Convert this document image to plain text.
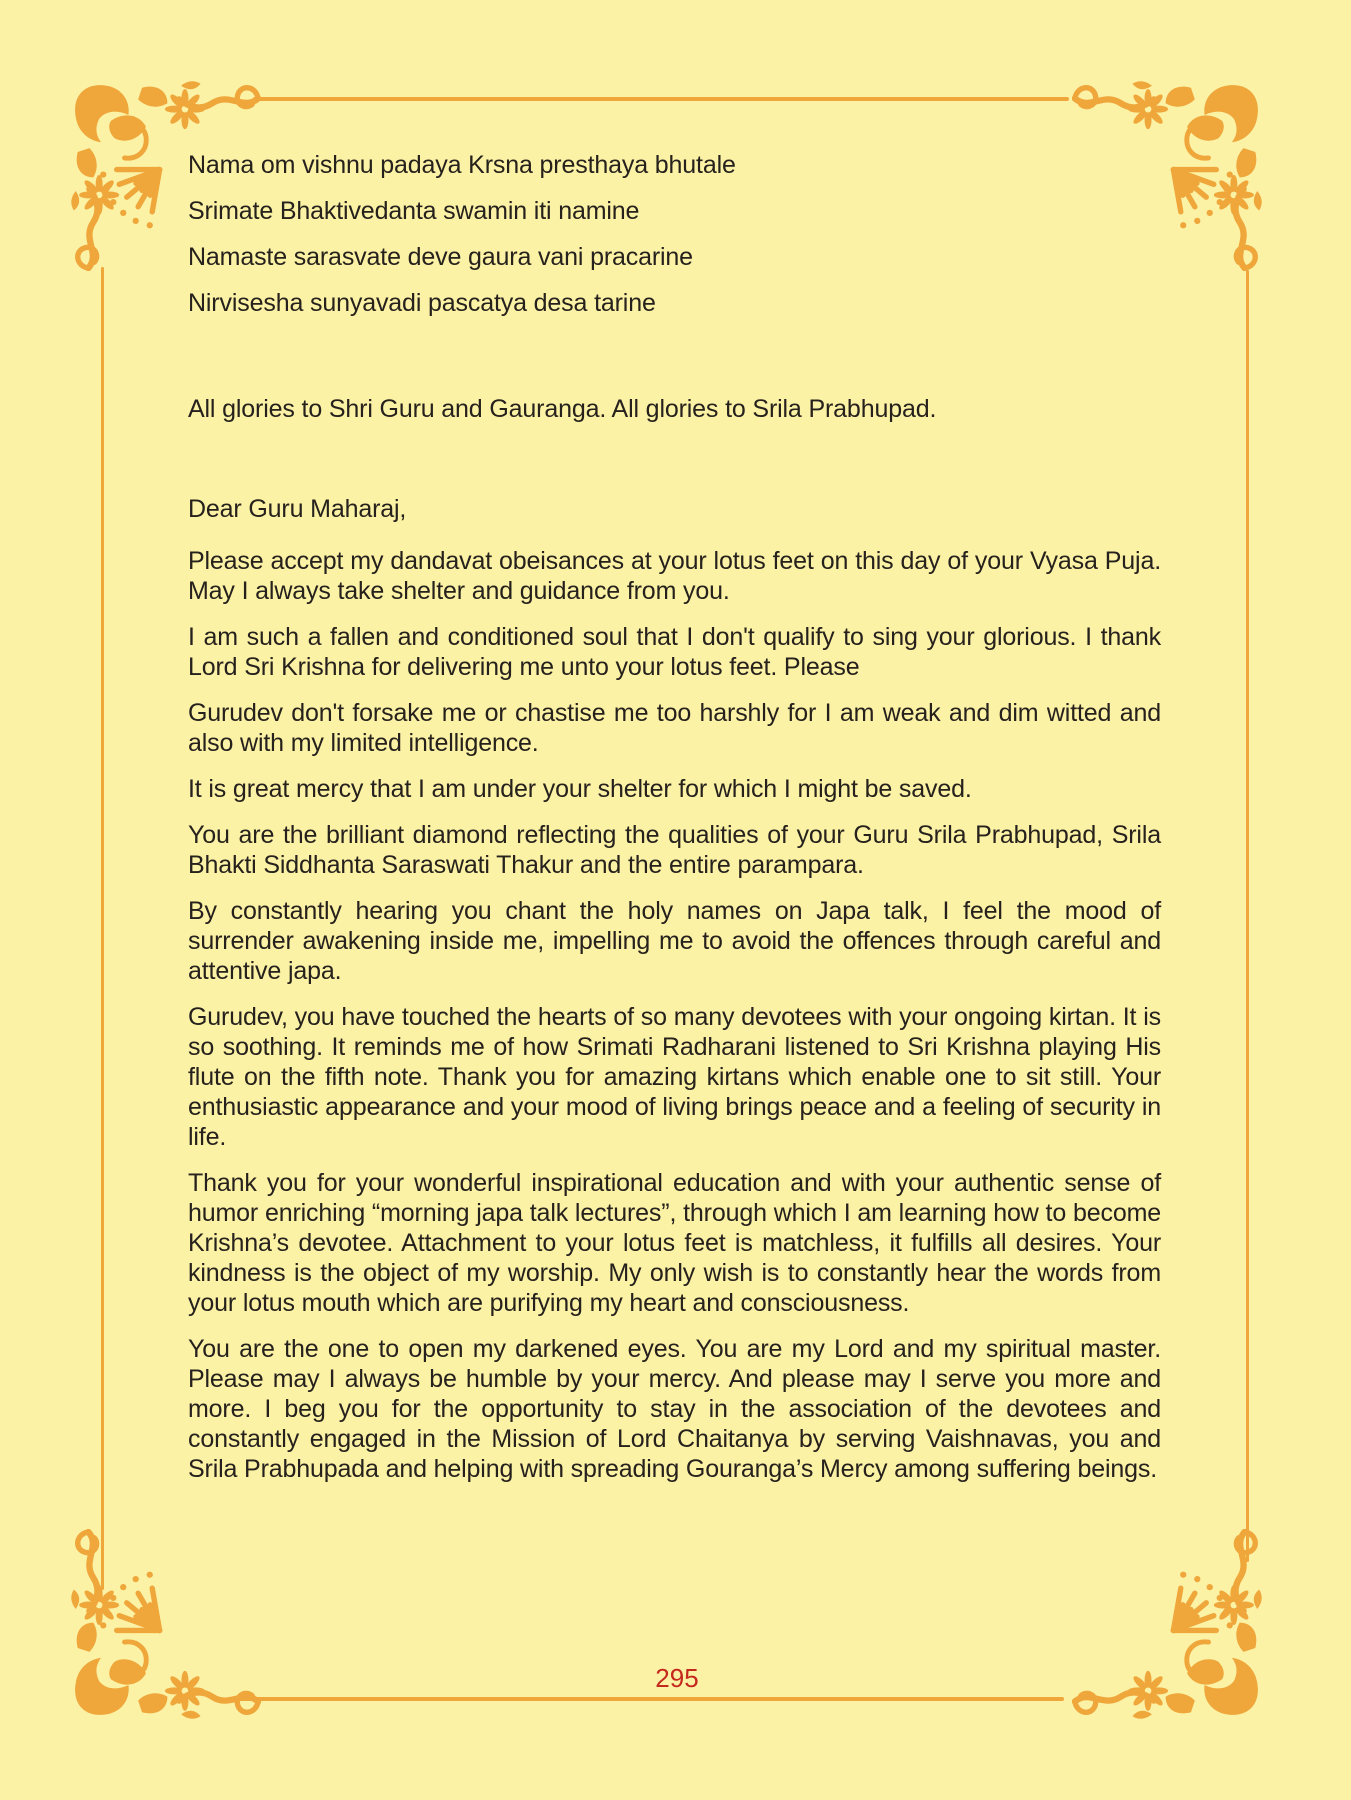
Nama om vishnu padaya Krsna presthaya bhutale

Srimate Bhaktivedanta swamin iti namine

Namaste sarasvate deve gaura vani pracarine

Nirvisesha sunyavadi pascatya desa tarine

All glories to Shri Guru and Gauranga. All glories to Srila Prabhupad.

Dear Guru Maharaj,

Please accept my dandavat obeisances at your lotus feet on this day of your Vyasa Puja. May I always take shelter and guidance from you.

I am such a fallen and conditioned soul that I don't qualify to sing your glorious. I thank Lord Sri Krishna for delivering me unto your lotus feet. Please

Gurudev don't forsake me or chastise me too harshly for I am weak and dim witted and also with my limited intelligence.

It is great mercy that I am under your shelter for which I might be saved.

You are the brilliant diamond reflecting the qualities of your Guru Srila Prabhupad, Srila Bhakti Siddhanta Saraswati Thakur and the entire parampara.

By constantly hearing you chant the holy names on Japa talk, I feel the mood of surrender awakening inside me, impelling me to avoid the offences through careful and attentive japa.

Gurudev, you have touched the hearts of so many devotees with your ongoing kirtan. It is so soothing. It reminds me of how Srimati Radharani listened to Sri Krishna playing His flute on the fifth note. Thank you for amazing kirtans which enable one to sit still. Your enthusiastic appearance and your mood of living brings peace and a feeling of security in life.

Thank you for your wonderful inspirational education and with your authentic sense of humor enriching “morning japa talk lectures”, through which I am learning how to become Krishna’s devotee. Attachment to your lotus feet is matchless, it fulfills all desires. Your kindness is the object of my worship. My only wish is to constantly hear the words from your lotus mouth which are purifying my heart and consciousness.

You are the one to open my darkened eyes. You are my Lord and my spiritual master. Please may I always be humble by your mercy. And please may I serve you more and more. I beg you for the opportunity to stay in the association of the devotees and constantly engaged in the Mission of Lord Chaitanya by serving Vaishnavas, you and Srila Prabhupada and helping with spreading Gouranga’s Mercy among suffering beings.

295
